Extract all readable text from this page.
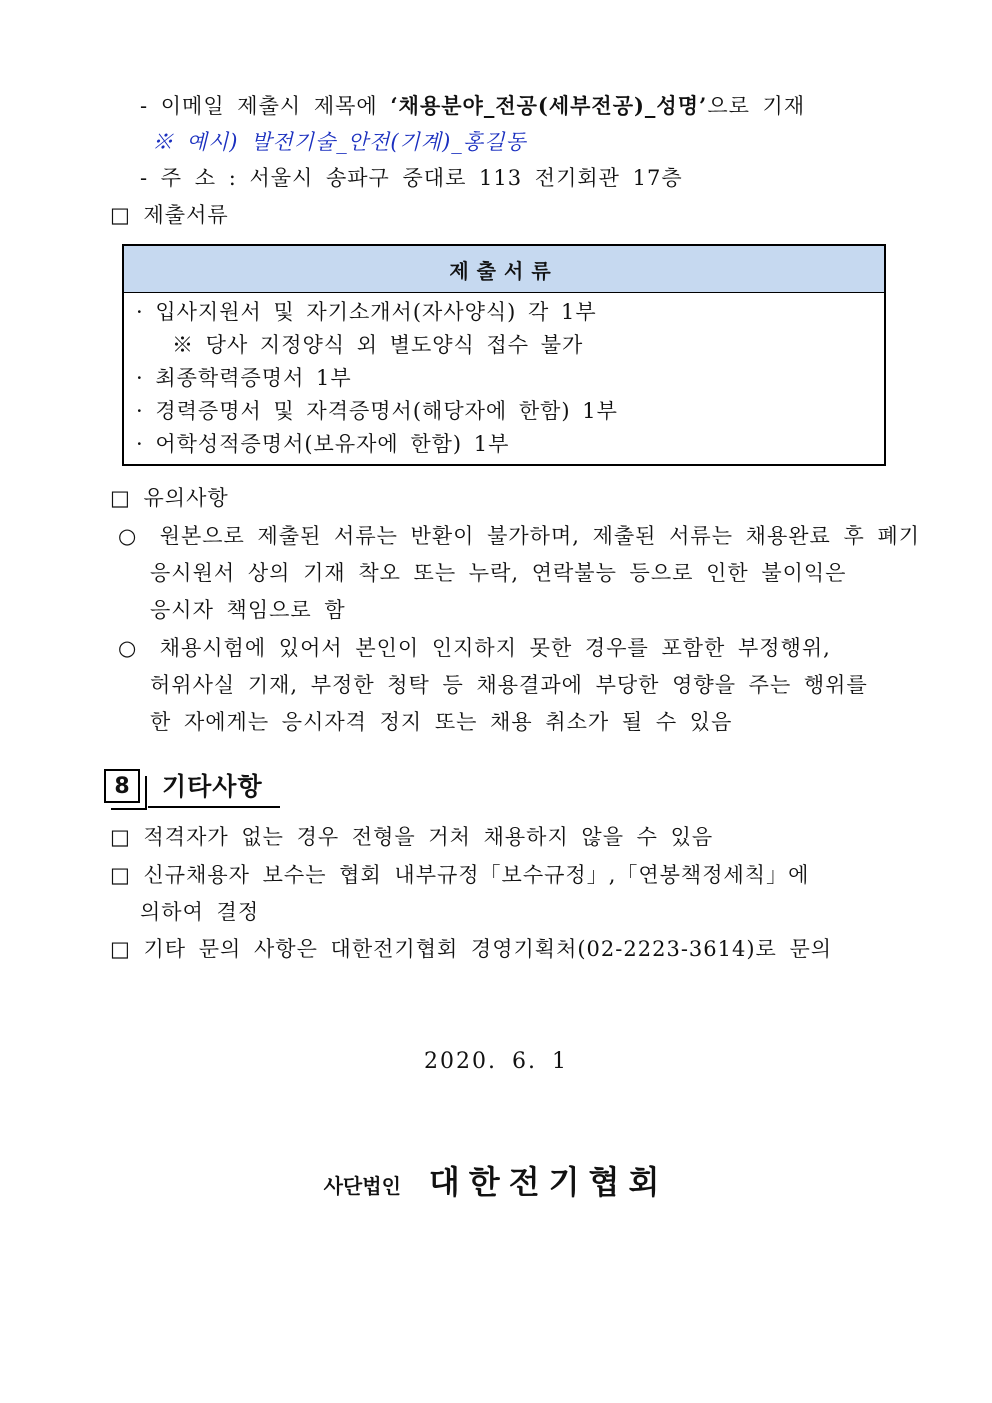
- 이메일 제출시 제목에 ‘채용분야_전공(세부전공)_성명’으로 기재
※ 예시) 발전기술_안전(기계)_홍길동
- 주 소 : 서울시 송파구 중대로 113 전기회관 17층
□ 제출서류
제출서류
· 입사지원서 및 자기소개서(자사양식) 각 1부
※ 당사 지정양식 외 별도양식 접수 불가
· 최종학력증명서 1부
· 경력증명서 및 자격증명서(해당자에 한함) 1부
· 어학성적증명서(보유자에 한함) 1부
□ 유의사항
○ 원본으로 제출된 서류는 반환이 불가하며, 제출된 서류는 채용완료 후 폐기
응시원서 상의 기재 착오 또는 누락, 연락불능 등으로 인한 불이익은
응시자 책임으로 함
○ 채용시험에 있어서 본인이 인지하지 못한 경우를 포함한 부정행위,
허위사실 기재, 부정한 청탁 등 채용결과에 부당한 영향을 주는 행위를
한 자에게는 응시자격 정지 또는 채용 취소가 될 수 있음
8	기타사항
□ 적격자가 없는 경우 전형을 거처 채용하지 않을 수 있음
□ 신규채용자 보수는 협회 내부규정「보수규정」,「연봉책정세칙」에
의하여 결정
□ 기타 문의 사항은 대한전기협회 경영기획처(02-2223-3614)로 문의
2020. 6. 1
사단법인 대한전기협회
